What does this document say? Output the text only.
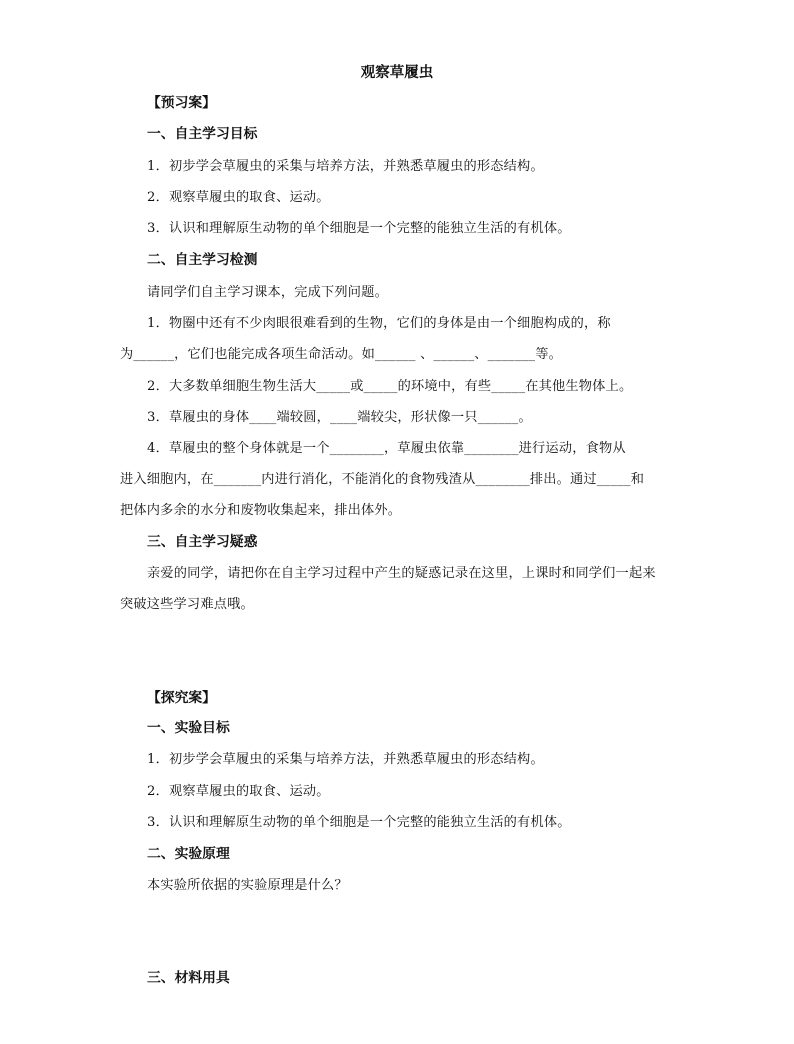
观察草履虫
【预习案】
一、自主学习目标
1．初步学会草履虫的采集与培养方法，并熟悉草履虫的形态结构。
2．观察草履虫的取食、运动。
3．认识和理解原生动物的单个细胞是一个完整的能独立生活的有机体。
二、自主学习检测
请同学们自主学习课本，完成下列问题。
1．物圈中还有不少肉眼很难看到的生物，它们的身体是由一个细胞构成的，称
为______，它们也能完成各项生命活动。如______ 、______、_______等。
2．大多数单细胞生物生活大_____或_____的环境中，有些_____在其他生物体上。
3．草履虫的身体____端较圆，____端较尖，形状像一只______。
4．草履虫的整个身体就是一个________，草履虫依靠________进行运动，食物从
进入细胞内，在_______内进行消化，不能消化的食物残渣从________排出。通过_____和
把体内多余的水分和废物收集起来，排出体外。
三、自主学习疑惑
亲爱的同学，请把你在自主学习过程中产生的疑惑记录在这里，上课时和同学们一起来
突破这些学习难点哦。
【探究案】
一、实验目标
1．初步学会草履虫的采集与培养方法，并熟悉草履虫的形态结构。
2．观察草履虫的取食、运动。
3．认识和理解原生动物的单个细胞是一个完整的能独立生活的有机体。
二、实验原理
本实验所依据的实验原理是什么？
三、材料用具
